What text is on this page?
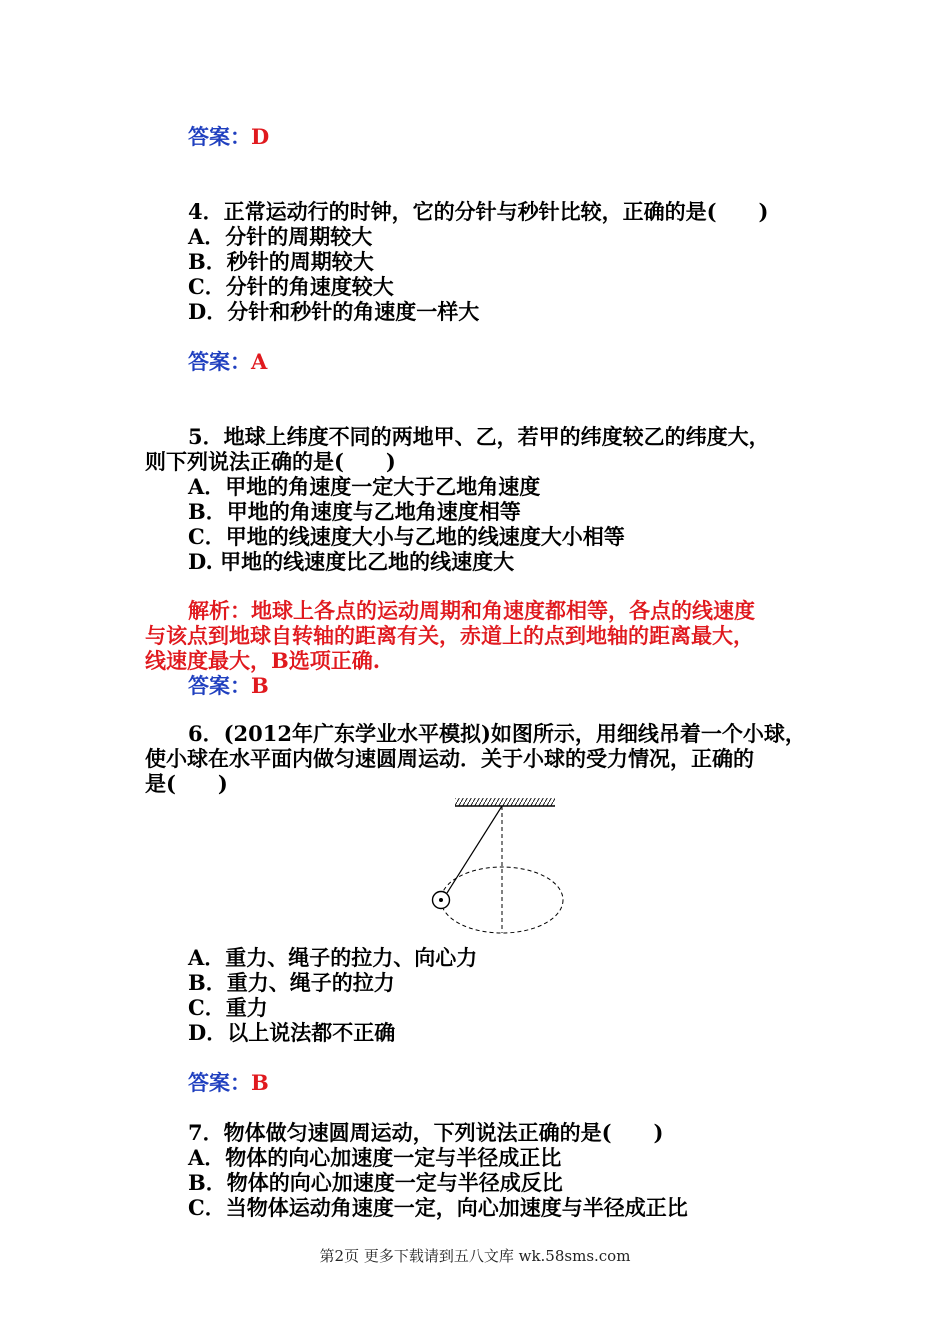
答案：D
4．正常运动行的时钟，它的分针与秒针比较，正确的是(　　)
A．分针的周期较大
B．秒针的周期较大
C．分针的角速度较大
D．分针和秒针的角速度一样大
答案：A
5．地球上纬度不同的两地甲、乙，若甲的纬度较乙的纬度大，
则下列说法正确的是(　　)
A．甲地的角速度一定大于乙地角速度
B．甲地的角速度与乙地角速度相等
C．甲地的线速度大小与乙地的线速度大小相等
D. 甲地的线速度比乙地的线速度大
解析：地球上各点的运动周期和角速度都相等，各点的线速度
与该点到地球自转轴的距离有关，赤道上的点到地轴的距离最大，
线速度最大，B选项正确.
答案：B
6．(2012年广东学业水平模拟)如图所示，用细线吊着一个小球，
使小球在水平面内做匀速圆周运动．关于小球的受力情况，正确的
是(　　)
A．重力、绳子的拉力、向心力
B．重力、绳子的拉力
C．重力
D．以上说法都不正确
答案：B
7．物体做匀速圆周运动，下列说法正确的是(　　)
A．物体的向心加速度一定与半径成正比
B．物体的向心加速度一定与半径成反比
C．当物体运动角速度一定，向心加速度与半径成正比
第2页 更多下载请到五八文库 wk.58sms.com
